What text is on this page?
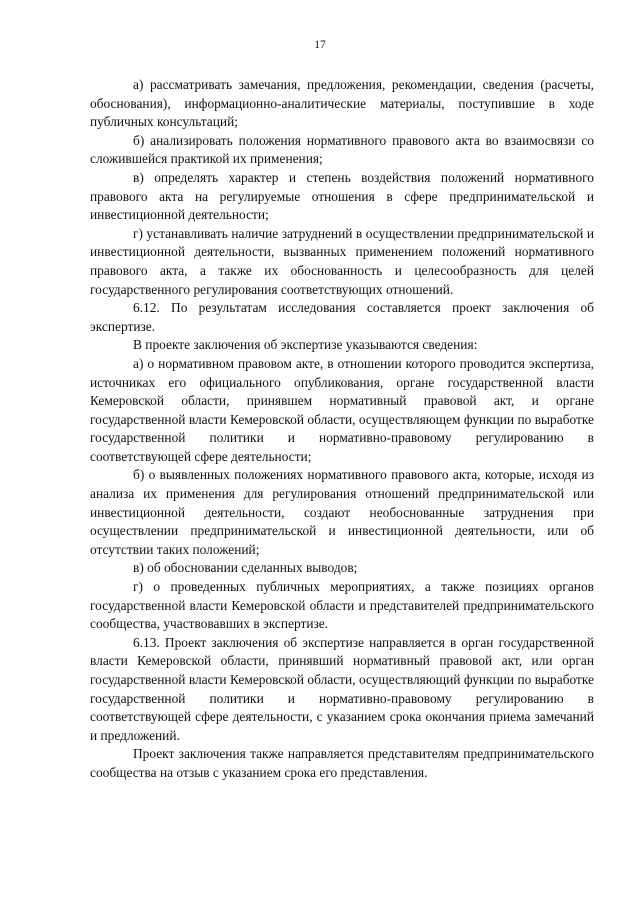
17

а) рассматривать замечания, предложения, рекомендации, сведения (расчеты, обоснования), информационно-аналитические материалы, поступившие в ходе публичных консультаций;

б) анализировать положения нормативного правового акта во взаимосвязи со сложившейся практикой их применения;

в) определять характер и степень воздействия положений нормативного правового акта на регулируемые отношения в сфере предпринимательской и инвестиционной деятельности;

г) устанавливать наличие затруднений в осуществлении предпринимательской и инвестиционной деятельности, вызванных применением положений нормативного правового акта, а также их обоснованность и целесообразность для целей государственного регулирования соответствующих отношений.

6.12. По результатам исследования составляется проект заключения об экспертизе.

В проекте заключения об экспертизе указываются сведения:

а) о нормативном правовом акте, в отношении которого проводится экспертиза, источниках его официального опубликования, органе государственной власти Кемеровской области, принявшем нормативный правовой акт, и органе государственной власти Кемеровской области, осуществляющем функции по выработке государственной политики и нормативно-правовому регулированию в соответствующей сфере деятельности;

б) о выявленных положениях нормативного правового акта, которые, исходя из анализа их применения для регулирования отношений предпринимательской или инвестиционной деятельности, создают необоснованные затруднения при осуществлении предпринимательской и инвестиционной деятельности, или об отсутствии таких положений;

в) об обосновании сделанных выводов;

г) о проведенных публичных мероприятиях, а также позициях органов государственной власти Кемеровской области и представителей предпринимательского сообщества, участвовавших в экспертизе.

6.13. Проект заключения об экспертизе направляется в орган государственной власти Кемеровской области, принявший нормативный правовой акт, или орган государственной власти Кемеровской области, осуществляющий функции по выработке государственной политики и нормативно-правовому регулированию в соответствующей сфере деятельности, с указанием срока окончания приема замечаний и предложений.

Проект заключения также направляется представителям предпринимательского сообщества на отзыв с указанием срока его представления.
